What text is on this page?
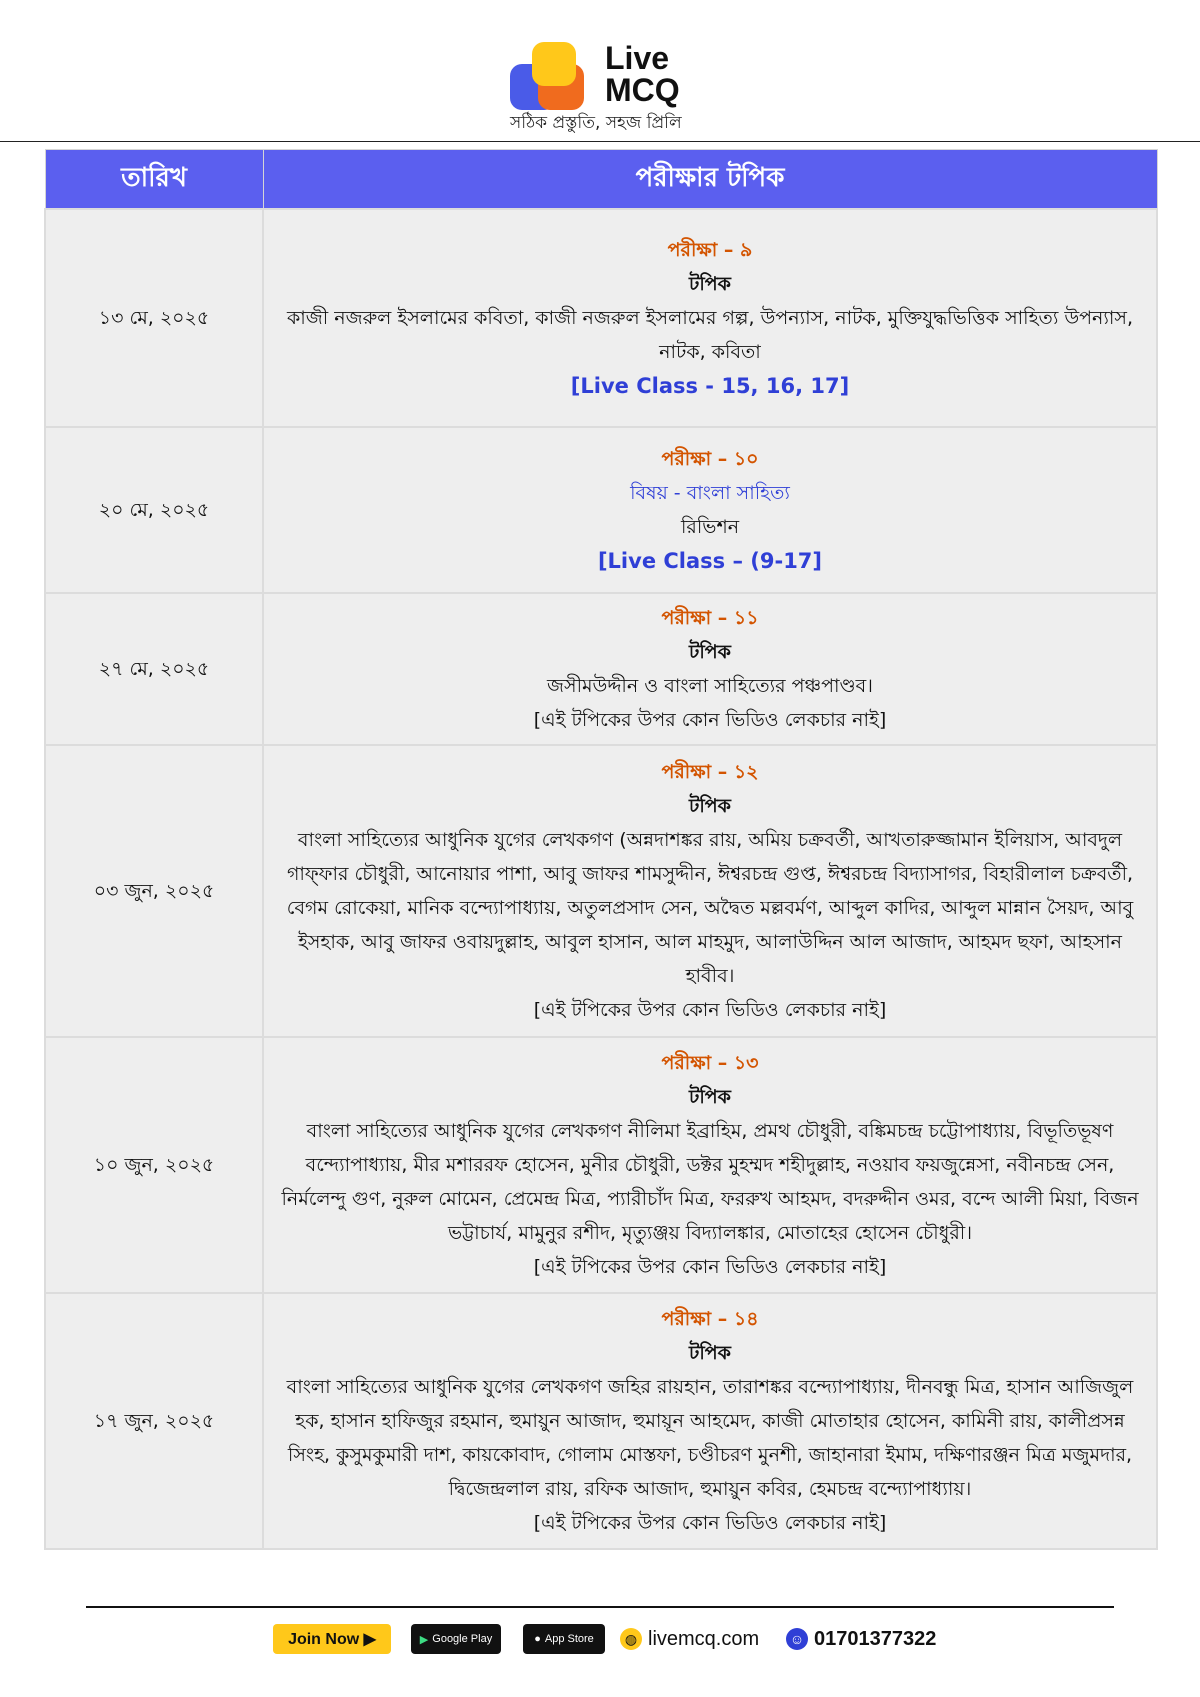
Live
MCQ
সঠিক প্রস্তুতি, সহজ প্রিলি
তারিখ	পরীক্ষার টপিক
১৩ মে, ২০২৫	পরীক্ষা – ৯
টপিক
কাজী নজরুল ইসলামের কবিতা, কাজী নজরুল ইসলামের গল্প, উপন্যাস, নাটক, মুক্তিযুদ্ধভিত্তিক সাহিত্য উপন্যাস, নাটক, কবিতা
[Live Class - 15, 16, 17]

২০ মে, ২০২৫	পরীক্ষা – ১০
বিষয় - বাংলা সাহিত্য
রিভিশন
[Live Class – (9-17]

২৭ মে, ২০২৫	পরীক্ষা – ১১
টপিক
জসীমউদ্দীন ও বাংলা সাহিত্যের পঞ্চপাণ্ডব।
[এই টপিকের উপর কোন ভিডিও লেকচার নাই]

০৩ জুন, ২০২৫	পরীক্ষা – ১২
টপিক
বাংলা সাহিত্যের আধুনিক যুগের লেখকগণ (অন্নদাশঙ্কর রায়, অমিয় চক্রবর্তী, আখতারুজ্জামান ইলিয়াস, আবদুল গাফ্ফার চৌধুরী, আনোয়ার পাশা, আবু জাফর শামসুদ্দীন, ঈশ্বরচন্দ্র গুপ্ত, ঈশ্বরচন্দ্র বিদ্যাসাগর, বিহারীলাল চক্রবর্তী, বেগম রোকেয়া, মানিক বন্দ্যোপাধ্যায়, অতুলপ্রসাদ সেন, অদ্বৈত মল্লবর্মণ, আব্দুল কাদির, আব্দুল মান্নান সৈয়দ, আবু ইসহাক, আবু জাফর ওবায়দুল্লাহ, আবুল হাসান, আল মাহমুদ, আলাউদ্দিন আল আজাদ, আহমদ ছফা, আহসান হাবীব।
[এই টপিকের উপর কোন ভিডিও লেকচার নাই]

১০ জুন, ২০২৫	পরীক্ষা – ১৩
টপিক
বাংলা সাহিত্যের আধুনিক যুগের লেখকগণ নীলিমা ইব্রাহিম, প্রমথ চৌধুরী, বঙ্কিমচন্দ্র চট্টোপাধ্যায়, বিভূতিভূষণ বন্দ্যোপাধ্যায়, মীর মশাররফ হোসেন, মুনীর চৌধুরী, ডক্টর মুহম্মদ শহীদুল্লাহ, নওয়াব ফয়জুন্নেসা, নবীনচন্দ্র সেন, নির্মলেন্দু গুণ, নুরুল মোমেন, প্রেমেন্দ্র মিত্র, প্যারীচাঁদ মিত্র, ফররুখ আহমদ, বদরুদ্দীন ওমর, বন্দে আলী মিয়া, বিজন ভট্টাচার্য, মামুনুর রশীদ, মৃত্যুঞ্জয় বিদ্যালঙ্কার, মোতাহের হোসেন চৌধুরী।
[এই টপিকের উপর কোন ভিডিও লেকচার নাই]

১৭ জুন, ২০২৫	পরীক্ষা – ১৪
টপিক
বাংলা সাহিত্যের আধুনিক যুগের লেখকগণ জহির রায়হান, তারাশঙ্কর বন্দ্যোপাধ্যায়, দীনবন্ধু মিত্র, হাসান আজিজুল হক, হাসান হাফিজুর রহমান, হুমায়ুন আজাদ, হুমায়ূন আহমেদ, কাজী মোতাহার হোসেন, কামিনী রায়, কালীপ্রসন্ন সিংহ, কুসুমকুমারী দাশ, কায়কোবাদ, গোলাম মোস্তফা, চণ্ডীচরণ মুনশী, জাহানারা ইমাম, দক্ষিণারঞ্জন মিত্র মজুমদার, দ্বিজেন্দ্রলাল রায়, রফিক আজাদ, হুমায়ুন কবির, হেমচন্দ্র বন্দ্যোপাধ্যায়।
[এই টপিকের উপর কোন ভিডিও লেকচার নাই]
Join Now ▶	▶ Google Play	● App Store	◍ livemcq.com ☺ 01701377322
